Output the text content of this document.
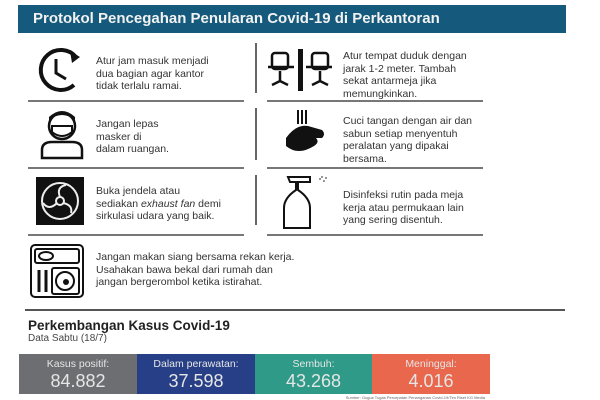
Protokol Pencegahan Penularan Covid-19 di Perkantoran
Atur jam masuk menjadi
dua bagian agar kantor
tidak terlalu ramai.
Atur tempat duduk dengan
jarak 1-2 meter. Tambah
sekat antarmeja jika
memungkinkan.
Jangan lepas
masker di
dalam ruangan.
Cuci tangan dengan air dan
sabun setiap menyentuh
peralatan yang dipakai
bersama.
Buka jendela atau
sediakan exhaust fan demi
sirkulasi udara yang baik.
Disinfeksi rutin pada meja
kerja atau permukaan lain
yang sering disentuh.
Jangan makan siang bersama rekan kerja.
Usahakan bawa bekal dari rumah dan
jangan bergerombol ketika istirahat.
Perkembangan Kasus Covid-19
Data Sabtu (18/7)
Kasus positif:
84.882
Dalam perawatan:
37.598
Sembuh:
43.268
Meninggal:
4.016
Sumber: Gugus Tugas Percepatan Penanganan Covid-19/Tim Riset KG Media
